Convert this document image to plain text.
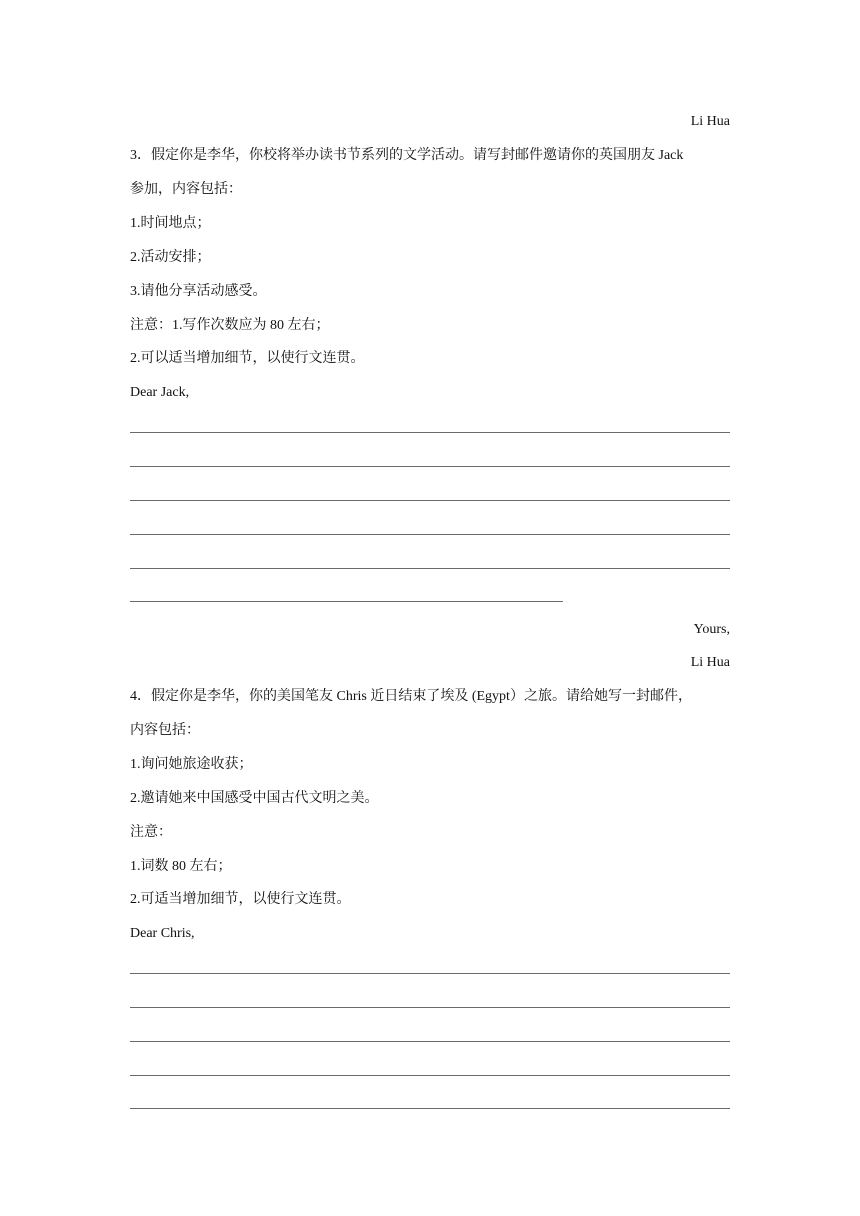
Li Hua
3．假定你是李华，你校将举办读书节系列的文学活动。请写封邮件邀请你的英国朋友 Jack
参加，内容包括：
1.时间地点；
2.活动安排；
3.请他分享活动感受。
注意：1.写作次数应为 80 左右；
2.可以适当增加细节，以使行文连贯。
Dear Jack,
Yours,
Li Hua
4．假定你是李华，你的美国笔友 Chris 近日结束了埃及 (Egypt）之旅。请给她写一封邮件，
内容包括：
1.询问她旅途收获；
2.邀请她来中国感受中国古代文明之美。
注意：
1.词数 80 左右；
2.可适当增加细节，以使行文连贯。
Dear Chris,
